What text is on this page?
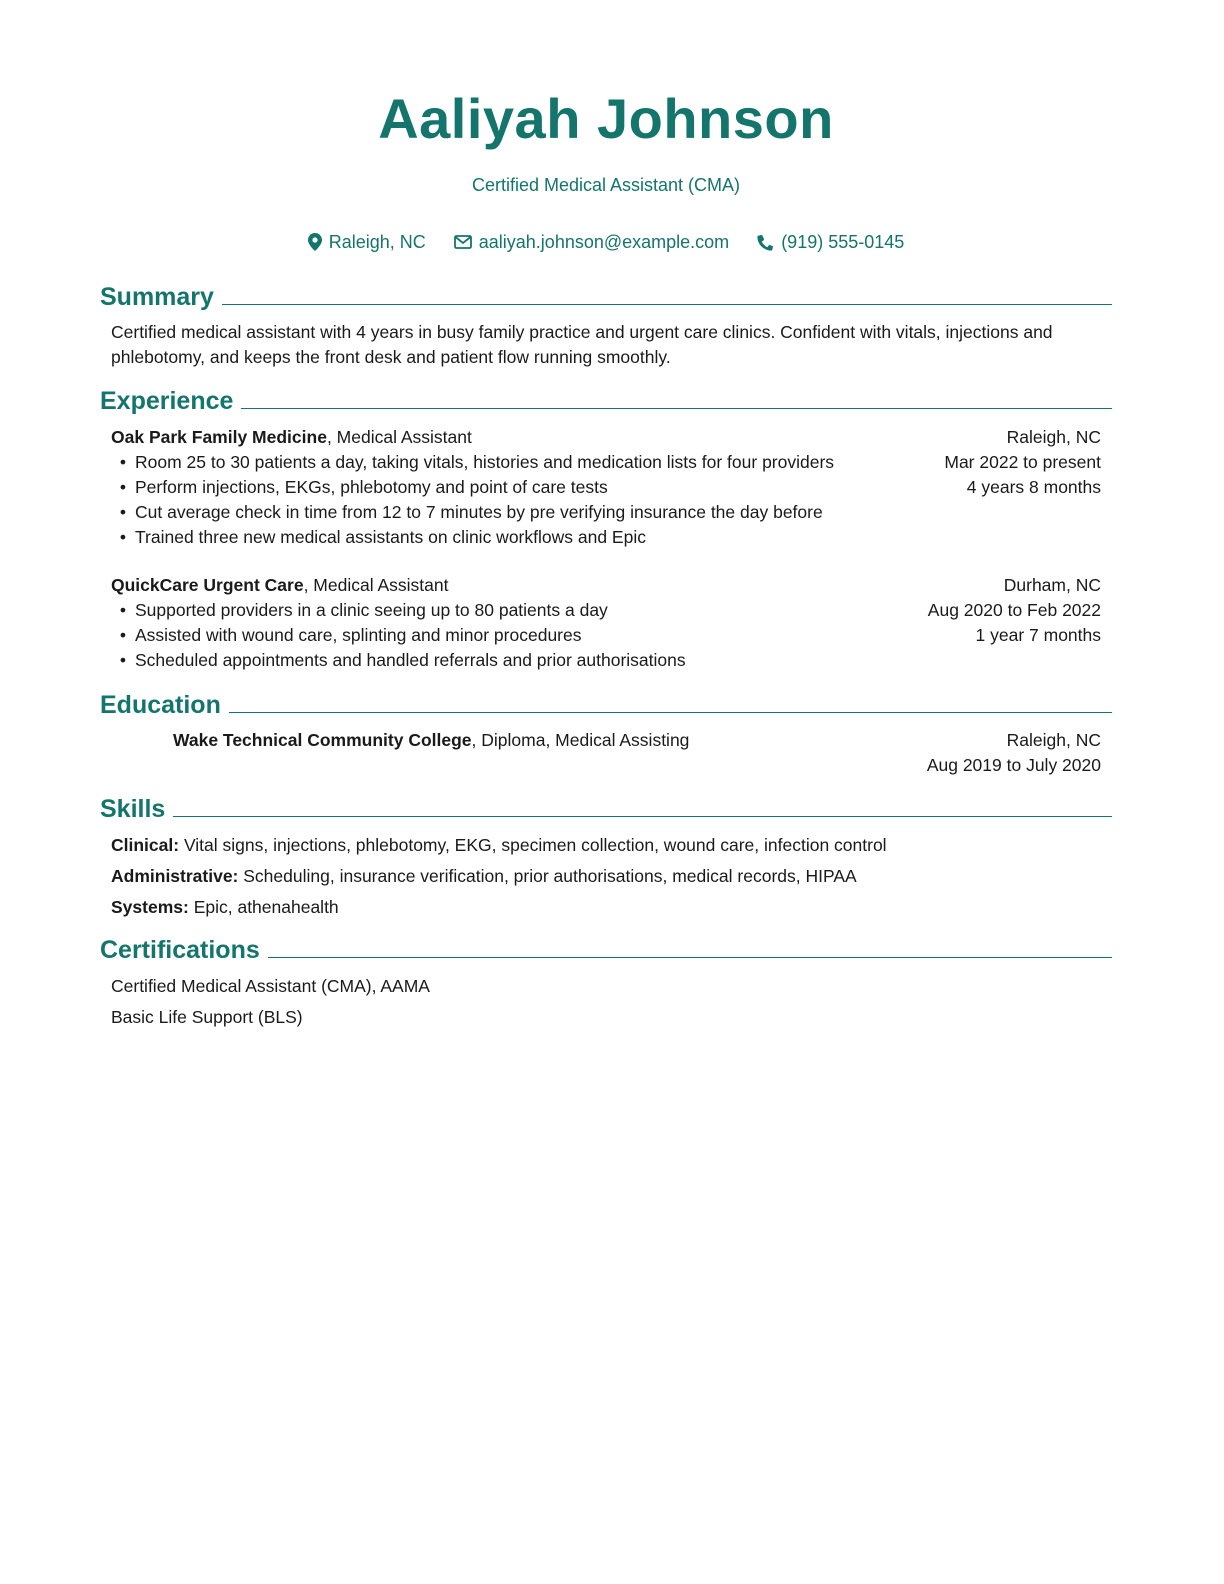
Aaliyah Johnson
Certified Medical Assistant (CMA)
Raleigh, NC	aaliyah.johnson@example.com	(919) 555-0145
Summary
Certified medical assistant with 4 years in busy family practice and urgent care clinics. Confident with vitals, injections and phlebotomy, and keeps the front desk and patient flow running smoothly.
Experience
Oak Park Family Medicine, Medical Assistant	Raleigh, NC
• Room 25 to 30 patients a day, taking vitals, histories and medication lists for four providers	Mar 2022 to present
• Perform injections, EKGs, phlebotomy and point of care tests	4 years 8 months
• Cut average check in time from 12 to 7 minutes by pre verifying insurance the day before
• Trained three new medical assistants on clinic workflows and Epic
QuickCare Urgent Care, Medical Assistant	Durham, NC
• Supported providers in a clinic seeing up to 80 patients a day	Aug 2020 to Feb 2022
• Assisted with wound care, splinting and minor procedures	1 year 7 months
• Scheduled appointments and handled referrals and prior authorisations
Education
Wake Technical Community College, Diploma, Medical Assisting	Raleigh, NC
Aug 2019 to July 2020
Skills
Clinical: Vital signs, injections, phlebotomy, EKG, specimen collection, wound care, infection control
Administrative: Scheduling, insurance verification, prior authorisations, medical records, HIPAA
Systems: Epic, athenahealth
Certifications
Certified Medical Assistant (CMA), AAMA
Basic Life Support (BLS)
